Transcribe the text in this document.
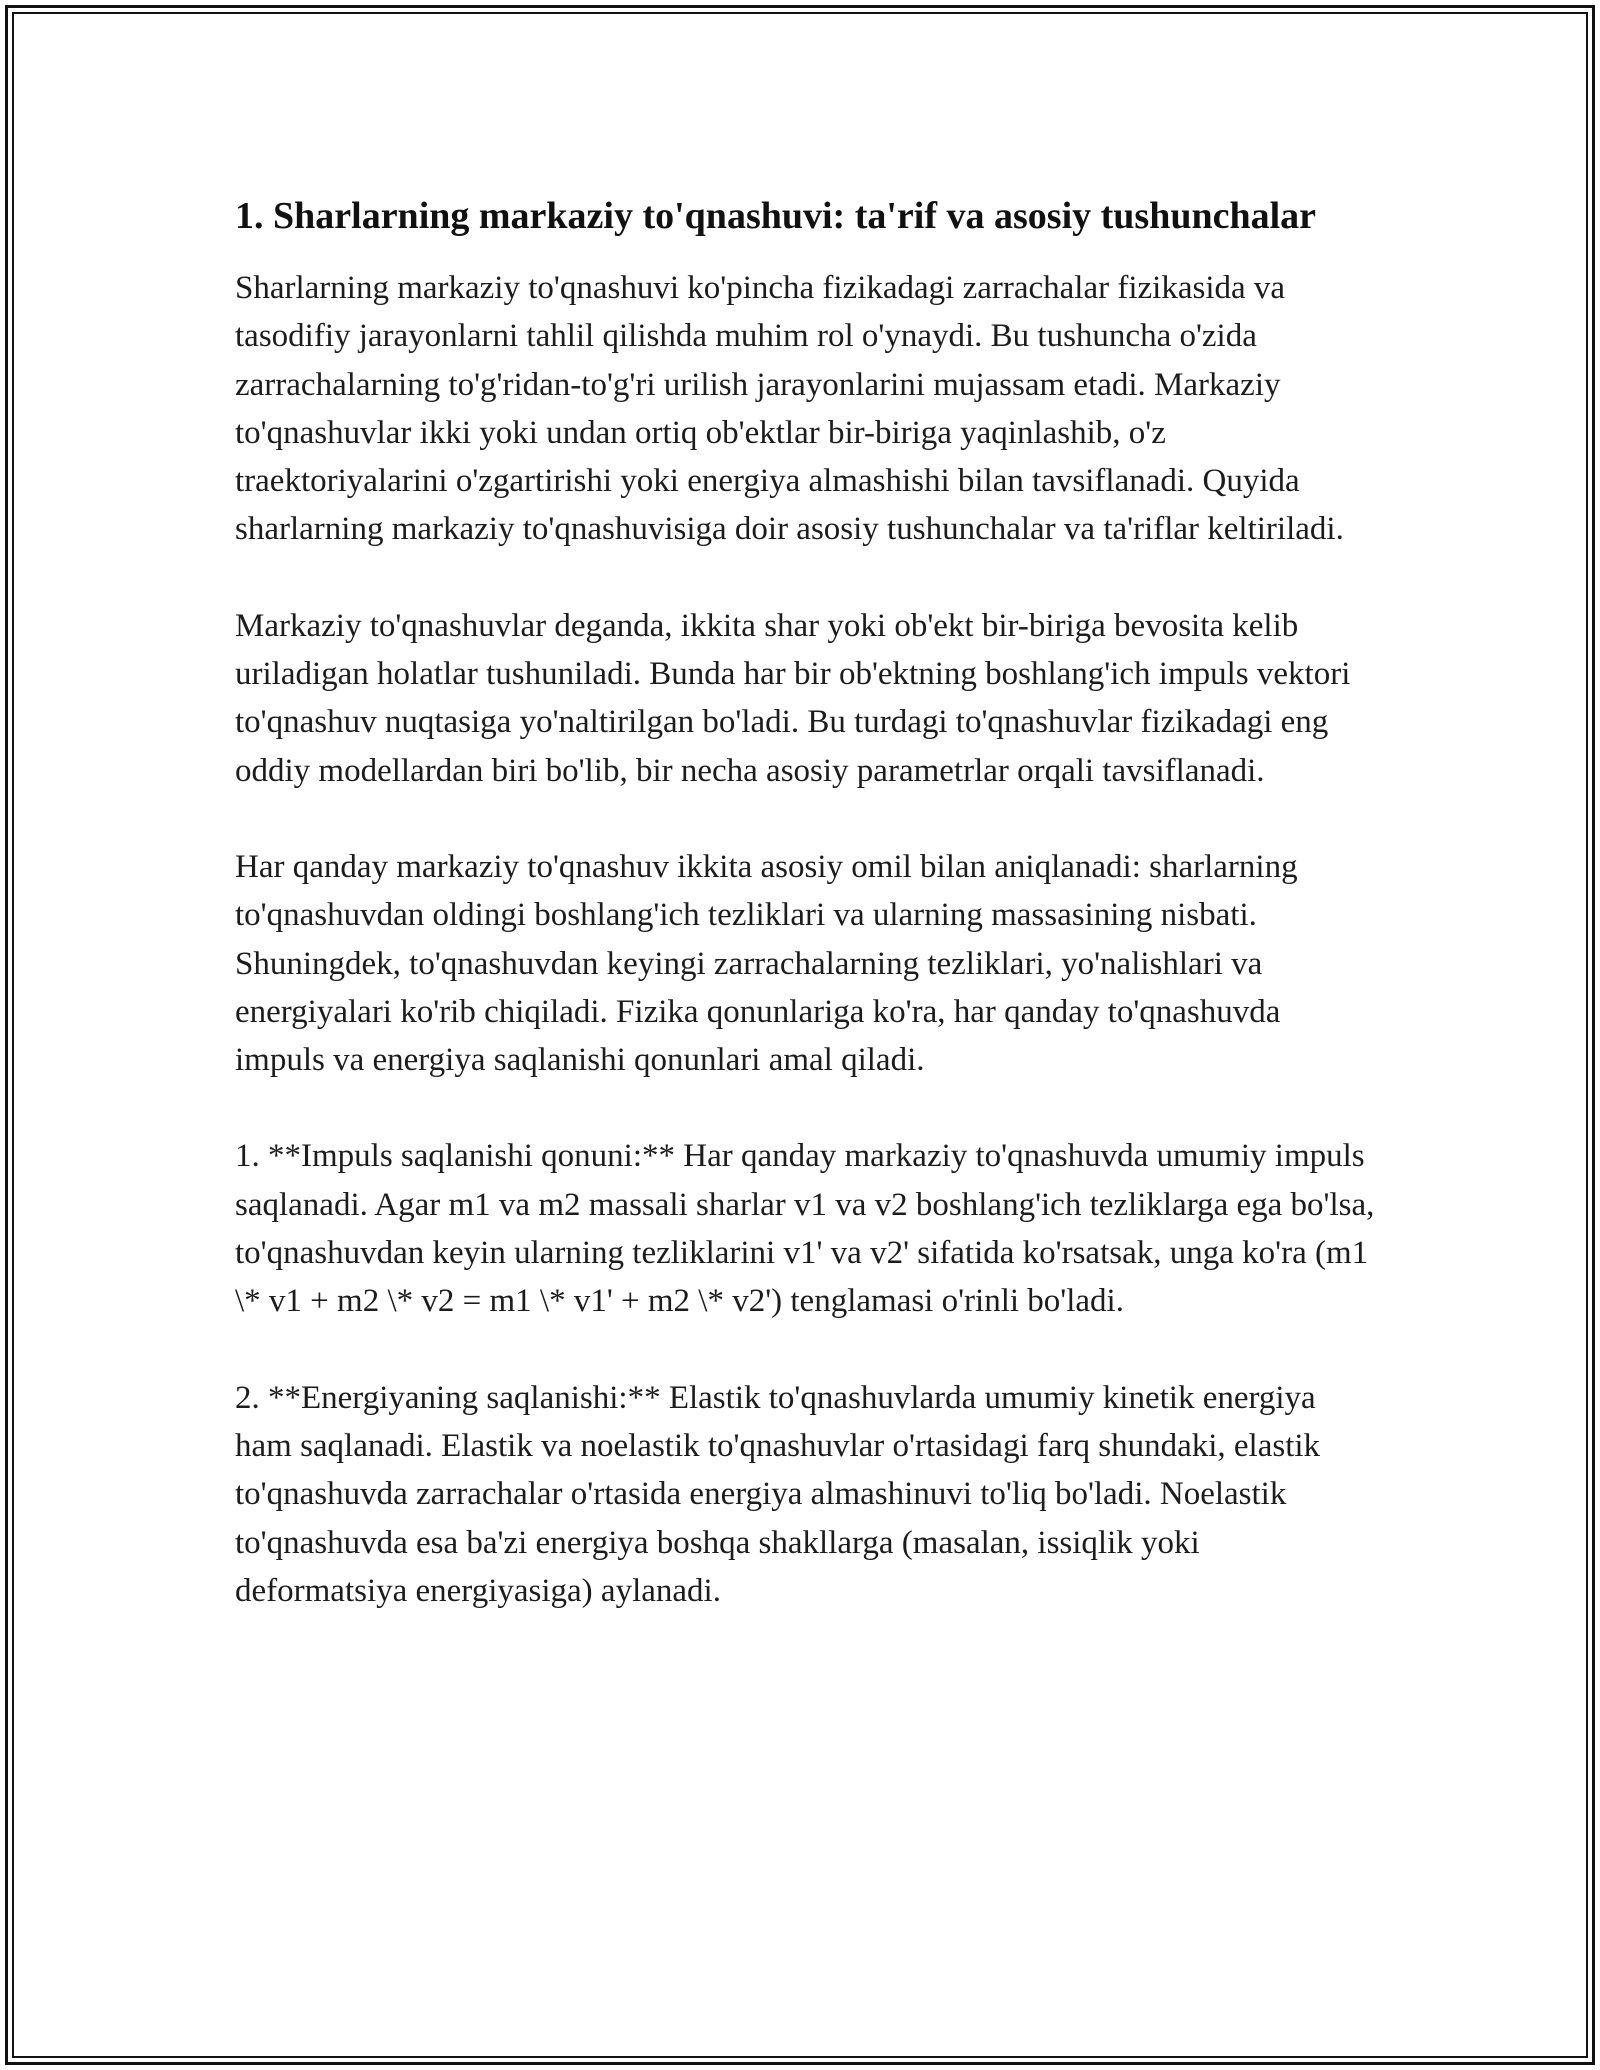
1. Sharlarning markaziy to'qnashuvi: ta'rif va asosiy tushunchalar

Sharlarning markaziy to'qnashuvi ko'pincha fizikadagi zarrachalar fizikasida va tasodifiy jarayonlarni tahlil qilishda muhim rol o'ynaydi. Bu tushuncha o'zida zarrachalarning to'g'ridan-to'g'ri urilish jarayonlarini mujassam etadi. Markaziy to'qnashuvlar ikki yoki undan ortiq ob'ektlar bir-biriga yaqinlashib, o'z traektoriyalarini o'zgartirishi yoki energiya almashishi bilan tavsiflanadi. Quyida sharlarning markaziy to'qnashuvisiga doir asosiy tushunchalar va ta'riflar keltiriladi.

Markaziy to'qnashuvlar deganda, ikkita shar yoki ob'ekt bir-biriga bevosita kelib uriladigan holatlar tushuniladi. Bunda har bir ob'ektning boshlang'ich impuls vektori to'qnashuv nuqtasiga yo'naltirilgan bo'ladi. Bu turdagi to'qnashuvlar fizikadagi eng oddiy modellardan biri bo'lib, bir necha asosiy parametrlar orqali tavsiflanadi.

Har qanday markaziy to'qnashuv ikkita asosiy omil bilan aniqlanadi: sharlarning to'qnashuvdan oldingi boshlang'ich tezliklari va ularning massasining nisbati. Shuningdek, to'qnashuvdan keyingi zarrachalarning tezliklari, yo'nalishlari va energiyalari ko'rib chiqiladi. Fizika qonunlariga ko'ra, har qanday to'qnashuvda impuls va energiya saqlanishi qonunlari amal qiladi.

1. **Impuls saqlanishi qonuni:** Har qanday markaziy to'qnashuvda umumiy impuls saqlanadi. Agar m1 va m2 massali sharlar v1 va v2 boshlang'ich tezliklarga ega bo'lsa, to'qnashuvdan keyin ularning tezliklarini v1' va v2' sifatida ko'rsatsak, unga ko'ra (m1 \* v1 + m2 \* v2 = m1 \* v1' + m2 \* v2') tenglamasi o'rinli bo'ladi.

2. **Energiyaning saqlanishi:** Elastik to'qnashuvlarda umumiy kinetik energiya ham saqlanadi. Elastik va noelastik to'qnashuvlar o'rtasidagi farq shundaki, elastik to'qnashuvda zarrachalar o'rtasida energiya almashinuvi to'liq bo'ladi. Noelastik to'qnashuvda esa ba'zi energiya boshqa shakllarga (masalan, issiqlik yoki deformatsiya energiyasiga) aylanadi.
